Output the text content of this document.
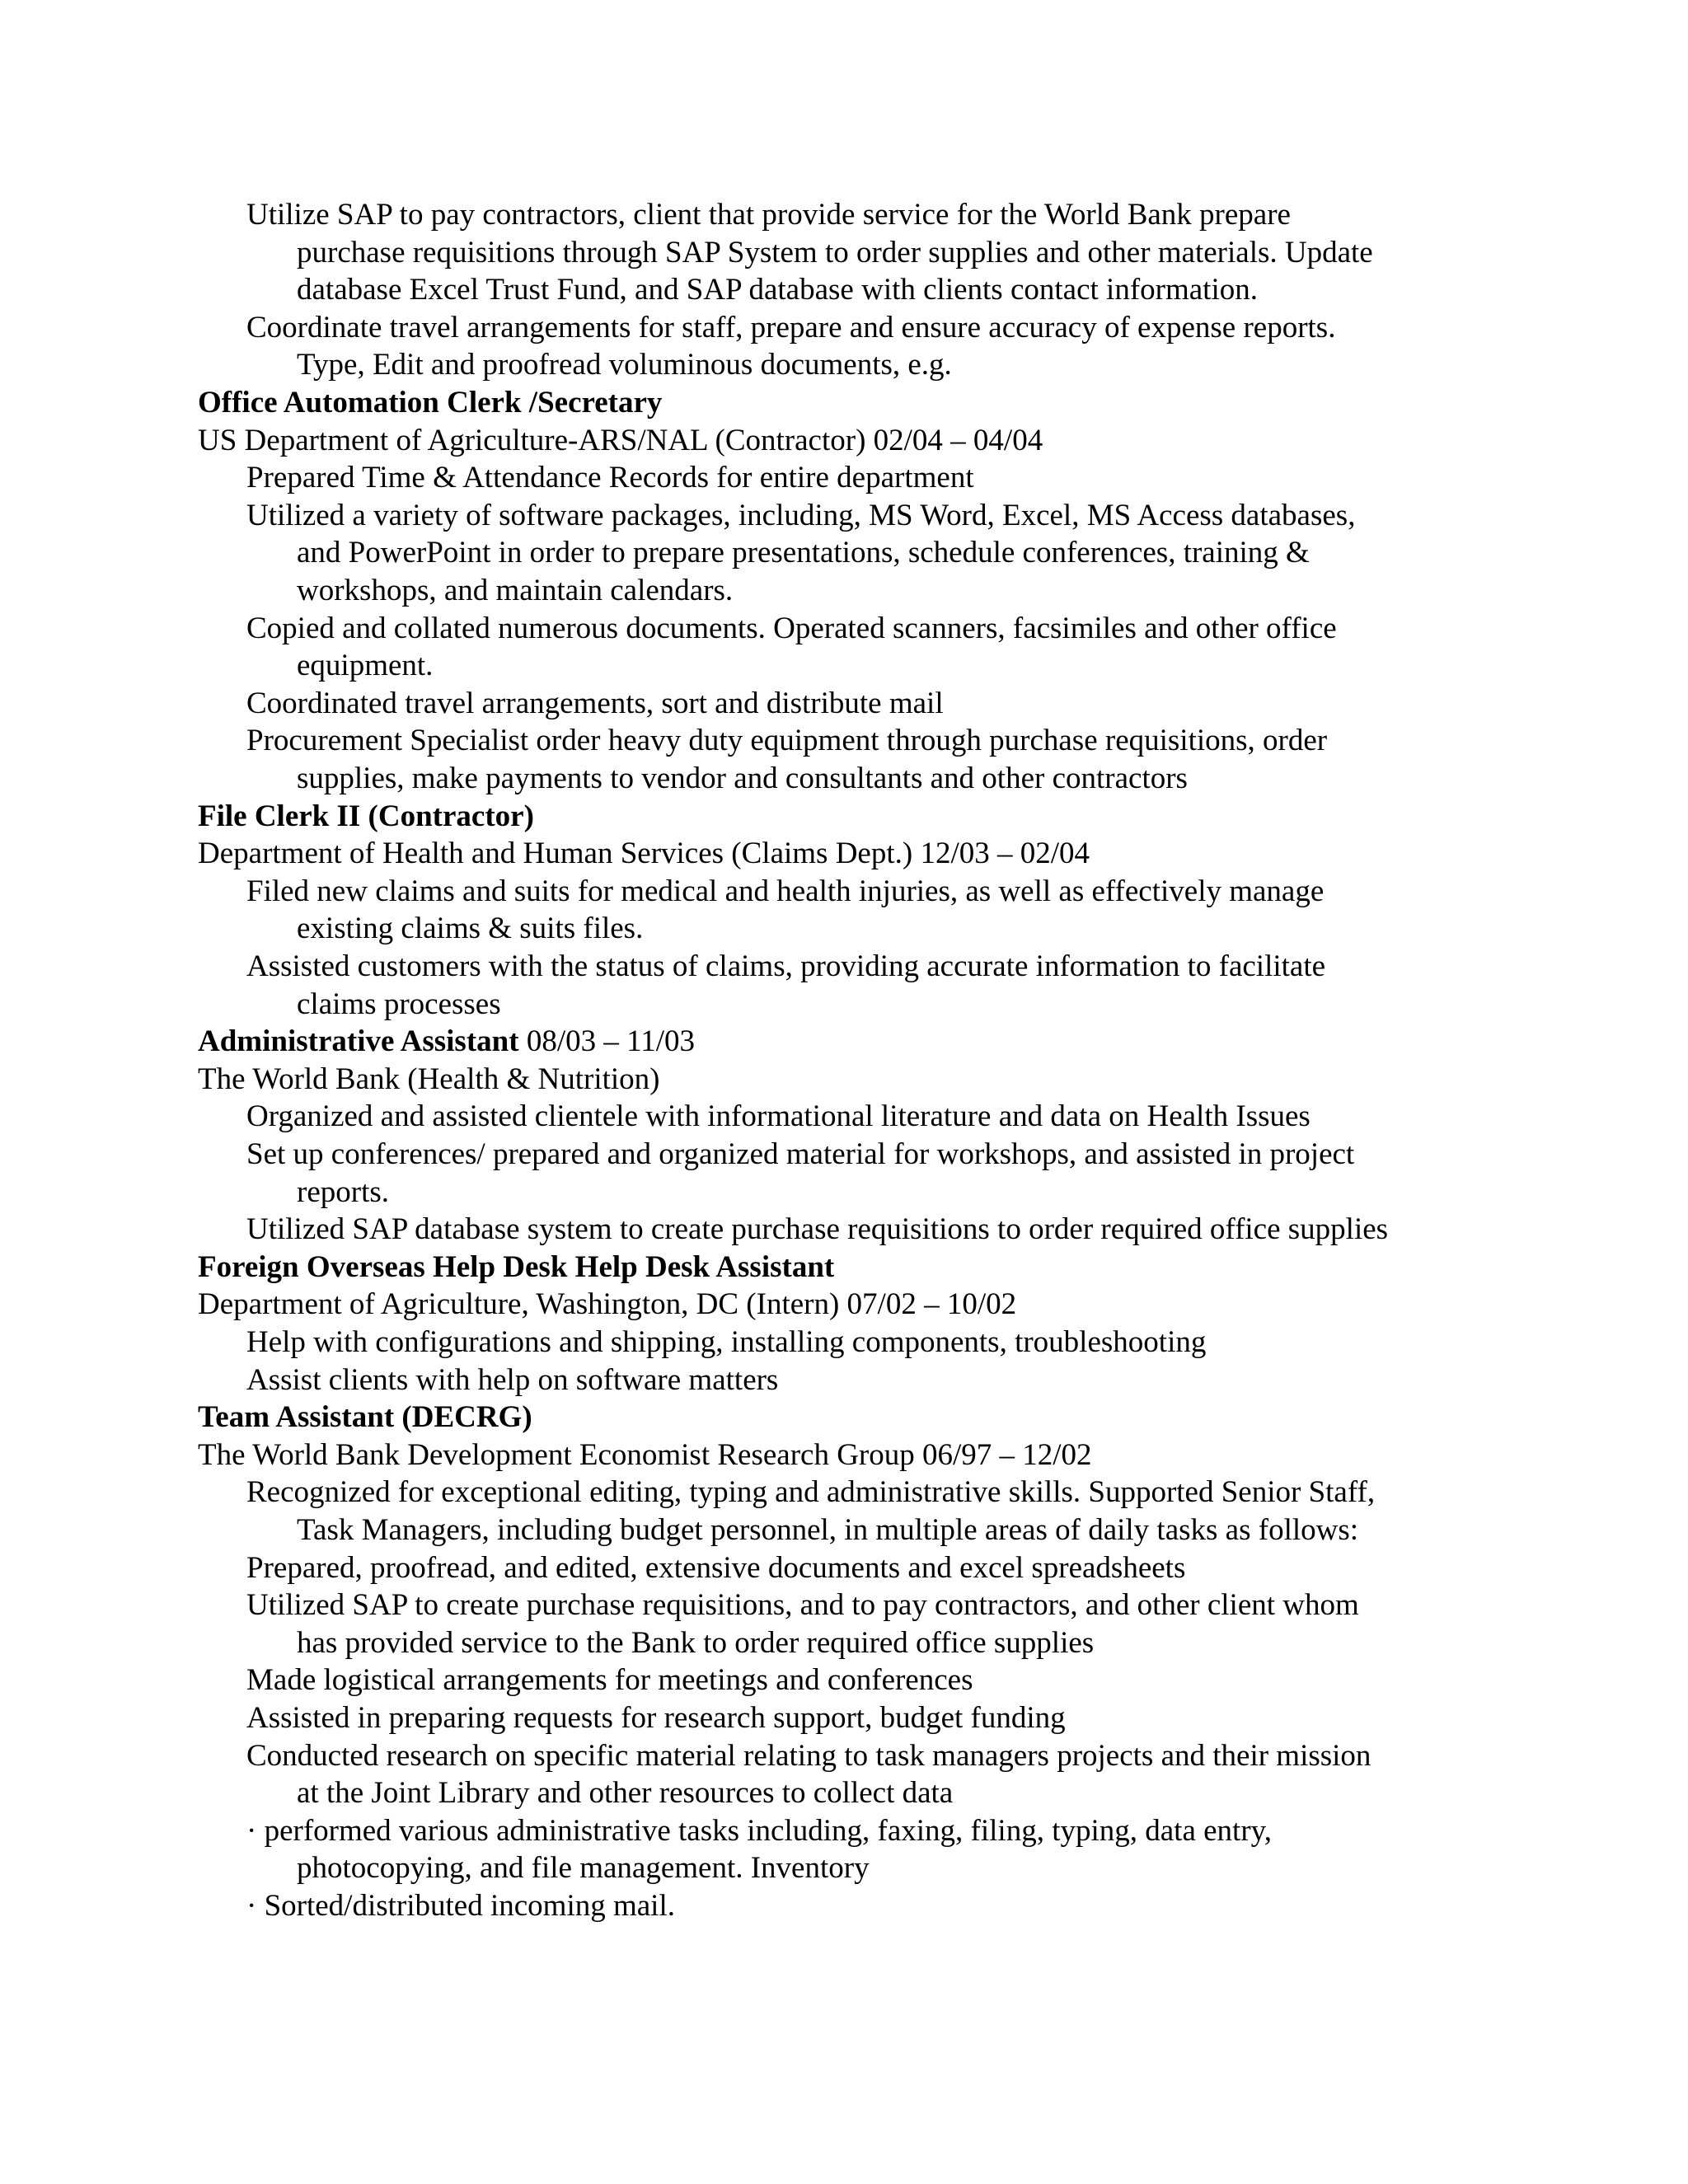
Utilize SAP to pay contractors, client that provide service for the World Bank prepare
purchase requisitions through SAP System to order supplies and other materials. Update
database Excel Trust Fund, and SAP database with clients contact information.
Coordinate travel arrangements for staff, prepare and ensure accuracy of expense reports.
Type, Edit and proofread voluminous documents, e.g.
Office Automation Clerk /Secretary
US Department of Agriculture-ARS/NAL (Contractor) 02/04 – 04/04
Prepared Time & Attendance Records for entire department
Utilized a variety of software packages, including, MS Word, Excel, MS Access databases,
and PowerPoint in order to prepare presentations, schedule conferences, training &
workshops, and maintain calendars.
Copied and collated numerous documents. Operated scanners, facsimiles and other office
equipment.
Coordinated travel arrangements, sort and distribute mail
Procurement Specialist order heavy duty equipment through purchase requisitions, order
supplies, make payments to vendor and consultants and other contractors
File Clerk II (Contractor)
Department of Health and Human Services (Claims Dept.) 12/03 – 02/04
Filed new claims and suits for medical and health injuries, as well as effectively manage
existing claims & suits files.
Assisted customers with the status of claims, providing accurate information to facilitate
claims processes
Administrative Assistant 08/03 – 11/03
The World Bank (Health & Nutrition)
Organized and assisted clientele with informational literature and data on Health Issues
Set up conferences/ prepared and organized material for workshops, and assisted in project
reports.
Utilized SAP database system to create purchase requisitions to order required office supplies
Foreign Overseas Help Desk Help Desk Assistant
Department of Agriculture, Washington, DC (Intern) 07/02 – 10/02
Help with configurations and shipping, installing components, troubleshooting
Assist clients with help on software matters
Team Assistant (DECRG)
The World Bank Development Economist Research Group 06/97 – 12/02
Recognized for exceptional editing, typing and administrative skills. Supported Senior Staff,
Task Managers, including budget personnel, in multiple areas of daily tasks as follows:
Prepared, proofread, and edited, extensive documents and excel spreadsheets
Utilized SAP to create purchase requisitions, and to pay contractors, and other client whom
has provided service to the Bank to order required office supplies
Made logistical arrangements for meetings and conferences
Assisted in preparing requests for research support, budget funding
Conducted research on specific material relating to task managers projects and their mission
at the Joint Library and other resources to collect data
· performed various administrative tasks including, faxing, filing, typing, data entry,
photocopying, and file management. Inventory
· Sorted/distributed incoming mail.
